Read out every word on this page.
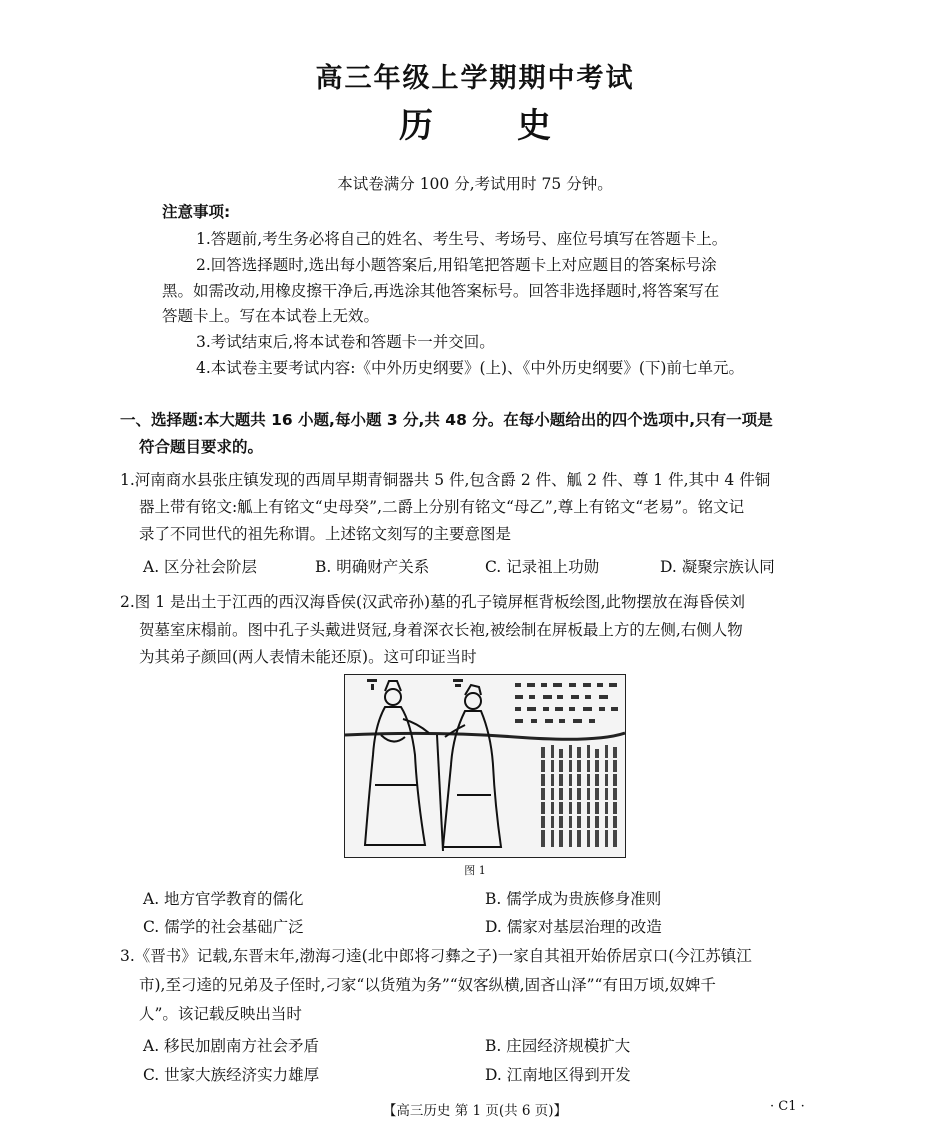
高三年级上学期期中考试
历 史
本试卷满分 100 分,考试用时 75 分钟。
注意事项:
1.答题前,考生务必将自己的姓名、考生号、考场号、座位号填写在答题卡上。
2.回答选择题时,选出每小题答案后,用铅笔把答题卡上对应题目的答案标号涂
黑。如需改动,用橡皮擦干净后,再选涂其他答案标号。回答非选择题时,将答案写在
答题卡上。写在本试卷上无效。
3.考试结束后,将本试卷和答题卡一并交回。
4.本试卷主要考试内容:《中外历史纲要》(上)、《中外历史纲要》(下)前七单元。
一、选择题:本大题共 16 小题,每小题 3 分,共 48 分。在每小题给出的四个选项中,只有一项是
符合题目要求的。
1.河南商水县张庄镇发现的西周早期青铜器共 5 件,包含爵 2 件、觚 2 件、尊 1 件,其中 4 件铜
器上带有铭文:觚上有铭文“史母癸”,二爵上分别有铭文“母乙”,尊上有铭文“老易”。铭文记
录了不同世代的祖先称谓。上述铭文刻写的主要意图是
A. 区分社会阶层	B. 明确财产关系	C. 记录祖上功勋	D. 凝聚宗族认同
2.图 1 是出土于江西的西汉海昏侯(汉武帝孙)墓的孔子镜屏框背板绘图,此物摆放在海昏侯刘
贺墓室床榻前。图中孔子头戴进贤冠,身着深衣长袍,被绘制在屏板最上方的左侧,右侧人物
为其弟子颜回(两人表情未能还原)。这可印证当时
图 1
A. 地方官学教育的儒化	B. 儒学成为贵族修身准则
C. 儒学的社会基础广泛	D. 儒家对基层治理的改造
3.《晋书》记载,东晋末年,渤海刁逵(北中郎将刁彝之子)一家自其祖开始侨居京口(今江苏镇江
市),至刁逵的兄弟及子侄时,刁家“以货殖为务”“奴客纵横,固吝山泽”“有田万顷,奴婢千
人”。该记载反映出当时
A. 移民加剧南方社会矛盾	B. 庄园经济规模扩大
C. 世家大族经济实力雄厚	D. 江南地区得到开发
【高三历史 第 1 页(共 6 页)】	· C1 ·
